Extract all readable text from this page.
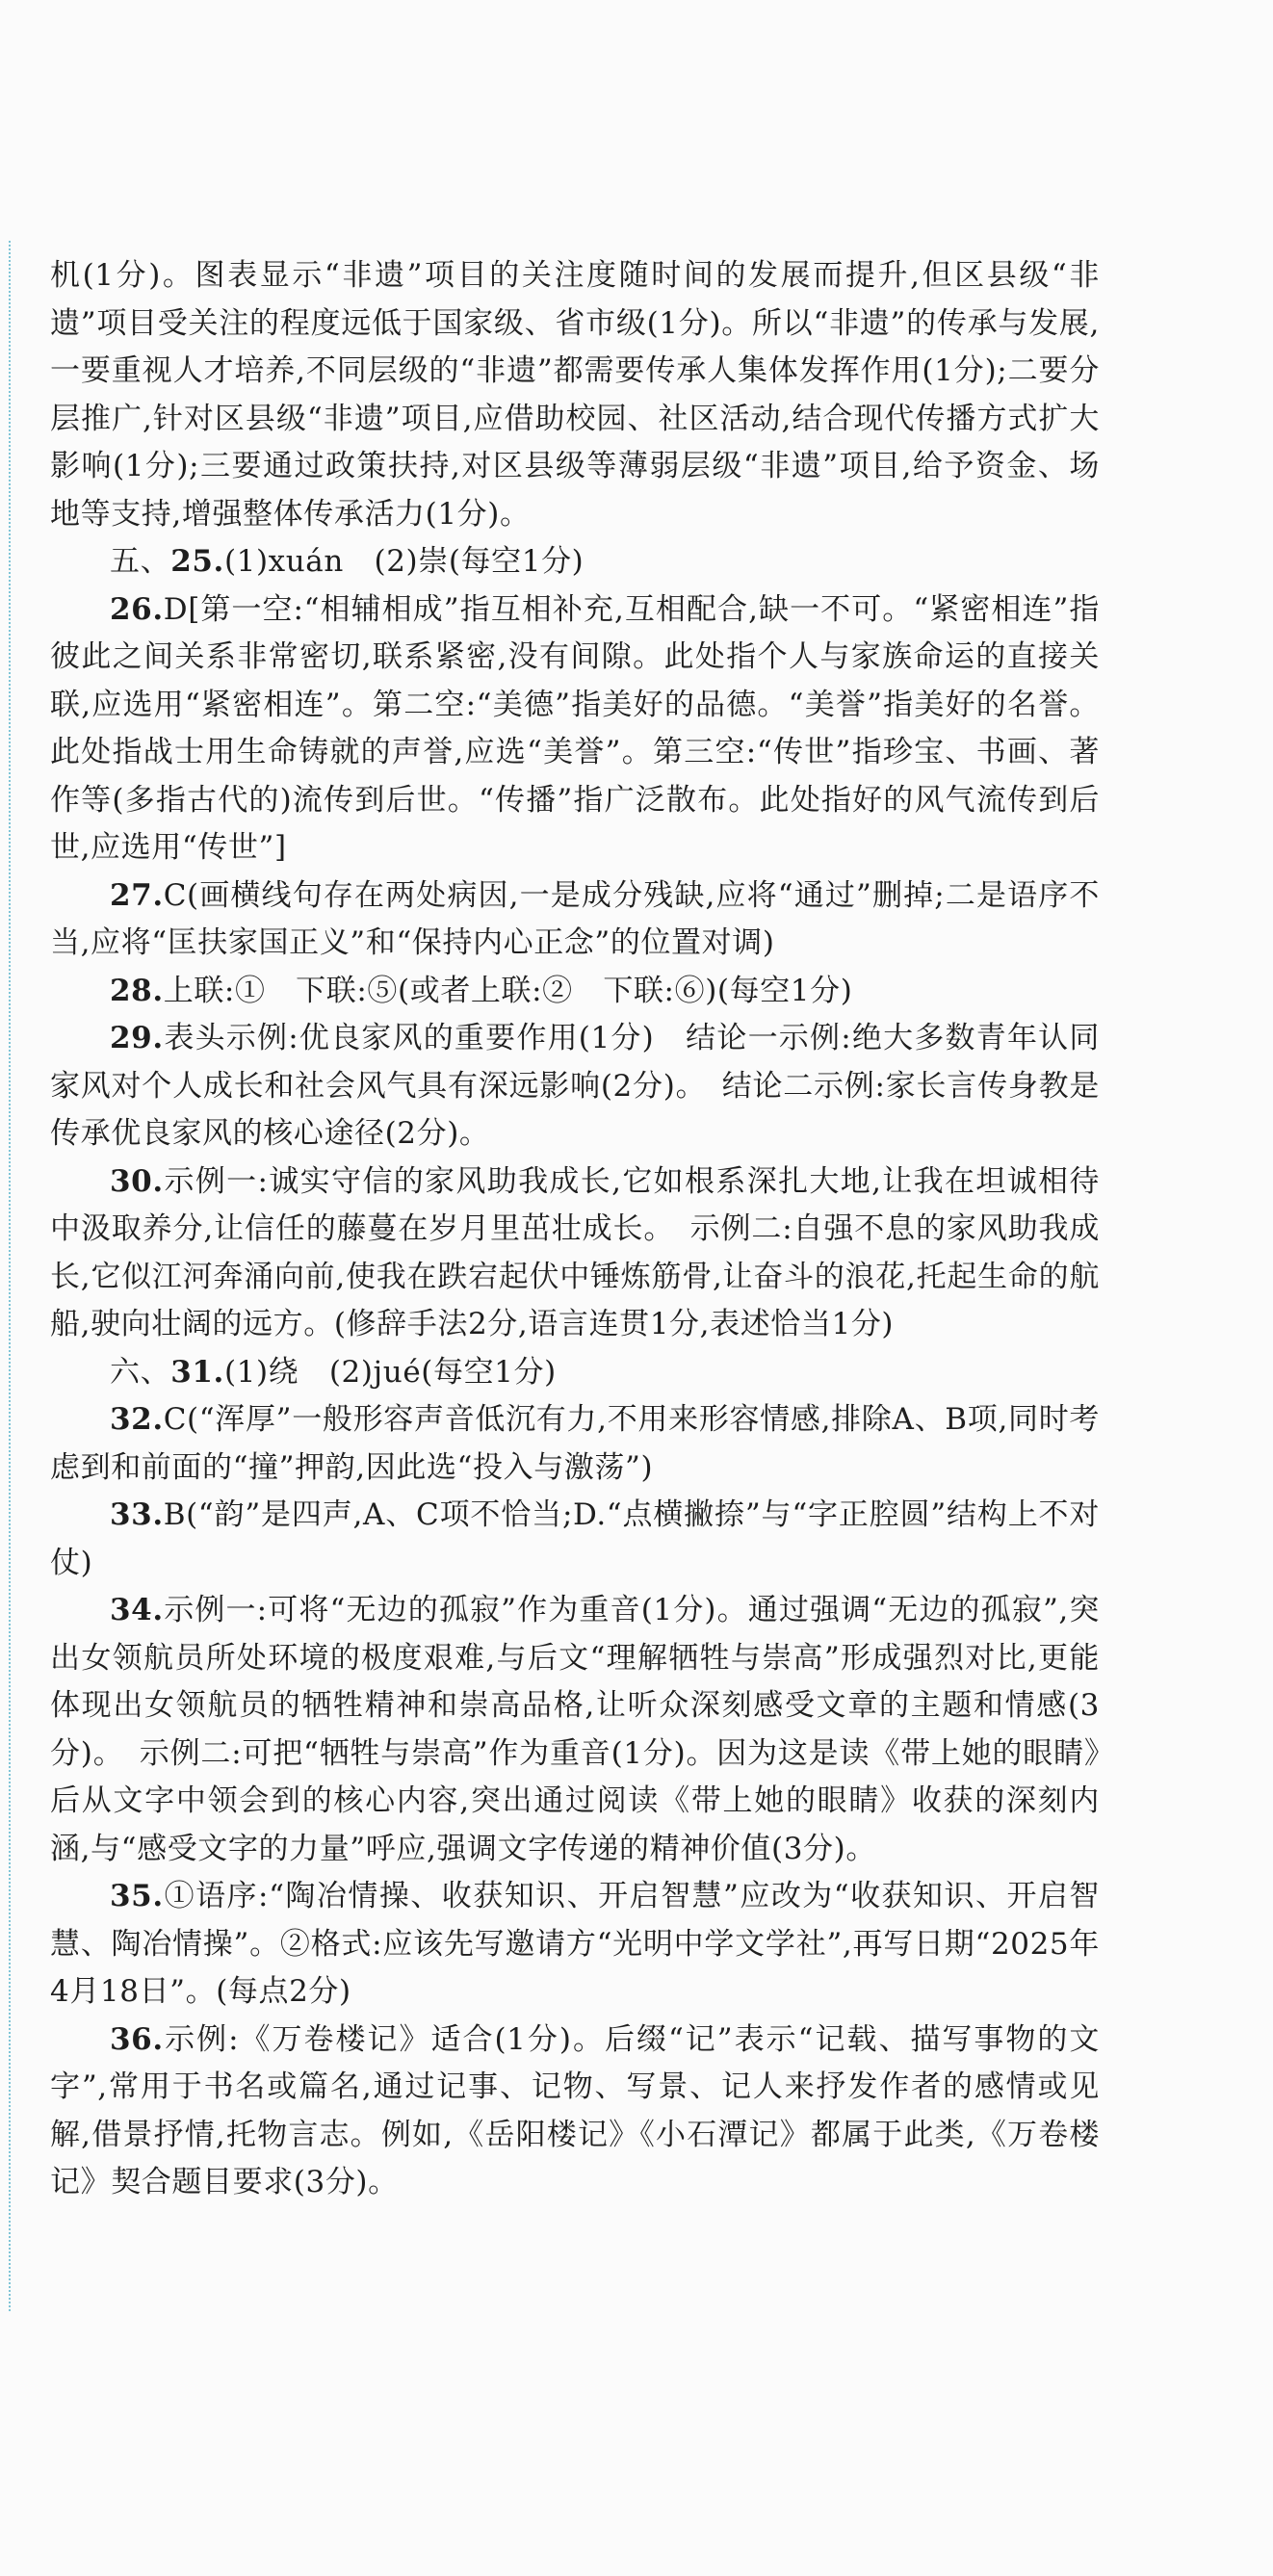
机(1分)。图表显示“非遗”项目的关注度随时间的发展而提升,但区县级“非遗”项目受关注的程度远低于国家级、省市级(1分)。所以“非遗”的传承与发展,一要重视人才培养,不同层级的“非遗”都需要传承人集体发挥作用(1分);二要分层推广,针对区县级“非遗”项目,应借助校园、社区活动,结合现代传播方式扩大影响(1分);三要通过政策扶持,对区县级等薄弱层级“非遗”项目,给予资金、场地等支持,增强整体传承活力(1分)。

五、25.(1)xuán　(2)崇(每空1分)

26.D[第一空:“相辅相成”指互相补充,互相配合,缺一不可。“紧密相连”指彼此之间关系非常密切,联系紧密,没有间隙。此处指个人与家族命运的直接关联,应选用“紧密相连”。第二空:“美德”指美好的品德。“美誉”指美好的名誉。此处指战士用生命铸就的声誉,应选“美誉”。第三空:“传世”指珍宝、书画、著作等(多指古代的)流传到后世。“传播”指广泛散布。此处指好的风气流传到后世,应选用“传世”]

27.C(画横线句存在两处病因,一是成分残缺,应将“通过”删掉;二是语序不当,应将“匡扶家国正义”和“保持内心正念”的位置对调)

28.上联:①　下联:⑤(或者上联:②　下联:⑥)(每空1分)

29.表头示例:优良家风的重要作用(1分)　结论一示例:绝大多数青年认同家风对个人成长和社会风气具有深远影响(2分)。　结论二示例:家长言传身教是传承优良家风的核心途径(2分)。

30.示例一:诚实守信的家风助我成长,它如根系深扎大地,让我在坦诚相待中汲取养分,让信任的藤蔓在岁月里茁壮成长。　示例二:自强不息的家风助我成长,它似江河奔涌向前,使我在跌宕起伏中锤炼筋骨,让奋斗的浪花,托起生命的航船,驶向壮阔的远方。(修辞手法2分,语言连贯1分,表述恰当1分)

六、31.(1)绕　(2)jué(每空1分)

32.C(“浑厚”一般形容声音低沉有力,不用来形容情感,排除A、B项,同时考虑到和前面的“撞”押韵,因此选“投入与激荡”)

33.B(“韵”是四声,A、C项不恰当;D.“点横撇捺”与“字正腔圆”结构上不对仗)

34.示例一:可将“无边的孤寂”作为重音(1分)。通过强调“无边的孤寂”,突出女领航员所处环境的极度艰难,与后文“理解牺牲与崇高”形成强烈对比,更能体现出女领航员的牺牲精神和崇高品格,让听众深刻感受文章的主题和情感(3分)。　示例二:可把“牺牲与崇高”作为重音(1分)。因为这是读《带上她的眼睛》后从文字中领会到的核心内容,突出通过阅读《带上她的眼睛》收获的深刻内涵,与“感受文字的力量”呼应,强调文字传递的精神价值(3分)。

35.①语序:“陶冶情操、收获知识、开启智慧”应改为“收获知识、开启智慧、陶冶情操”。②格式:应该先写邀请方“光明中学文学社”,再写日期“2025年4月18日”。(每点2分)

36.示例:《万卷楼记》适合(1分)。后缀“记”表示“记载、描写事物的文字”,常用于书名或篇名,通过记事、记物、写景、记人来抒发作者的感情或见解,借景抒情,托物言志。例如,《岳阳楼记》《小石潭记》都属于此类,《万卷楼记》契合题目要求(3分)。
